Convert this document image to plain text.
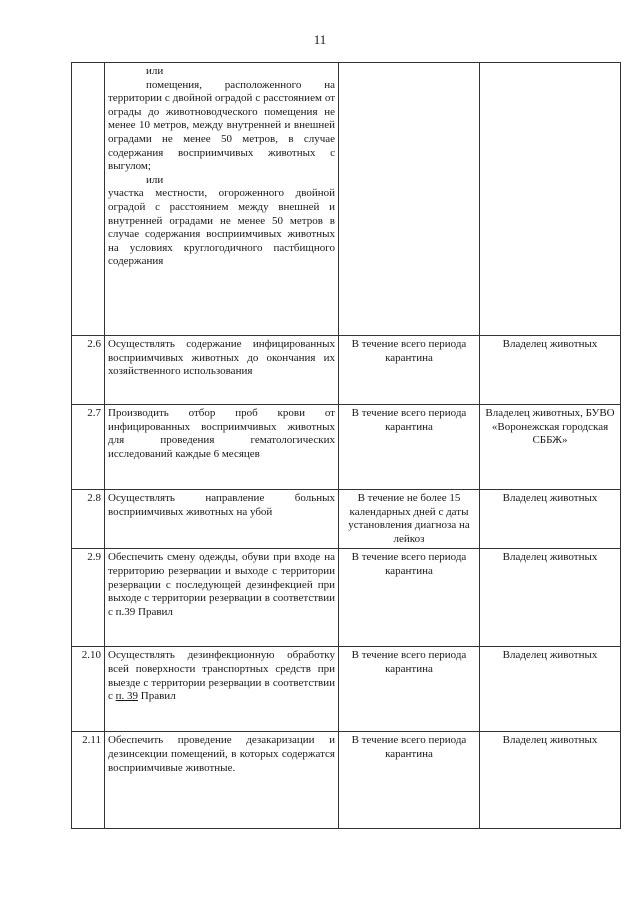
11

	или
помещения, расположенного на территории с двойной оградой с расстоянием от ограды до животноводческого помещения не менее 10 метров, между внутренней и внешней оградами не менее 50 метров, в случае содержания восприимчивых животных с выгулом;
или
участка местности, огороженного двойной оградой с расстоянием между внешней и внутренней оградами не менее 50 метров в случае содержания восприимчивых животных на условиях круглогодичного пастбищного содержания		

2.6	Осуществлять содержание инфицированных восприимчивых животных до окончания их хозяйственного использования	В течение всего периода карантина	Владелец животных
2.7	Производить отбор проб крови от инфицированных восприимчивых животных для проведения гематологических исследований каждые 6 месяцев	В течение всего периода карантина	Владелец животных, БУВО «Воронежская городская СББЖ»
2.8	Осуществлять направление больных восприимчивых животных на убой	В течение не более 15 календарных дней с даты установления диагноза на лейкоз	Владелец животных
2.9	Обеспечить смену одежды, обуви при входе на территорию резервации и выходе с территории резервации с последующей дезинфекцией при выходе с территории резервации в соответствии с п.39 Правил	В течение всего периода карантина	Владелец животных
2.10	Осуществлять дезинфекционную обработку всей поверхности транспортных средств при выезде с территории резервации в соответствии с п. 39 Правил	В течение всего периода карантина	Владелец животных
2.11	Обеспечить проведение дезакаризации и дезинсекции помещений, в которых содержатся восприимчивые животные.	В течение всего периода карантина	Владелец животных
